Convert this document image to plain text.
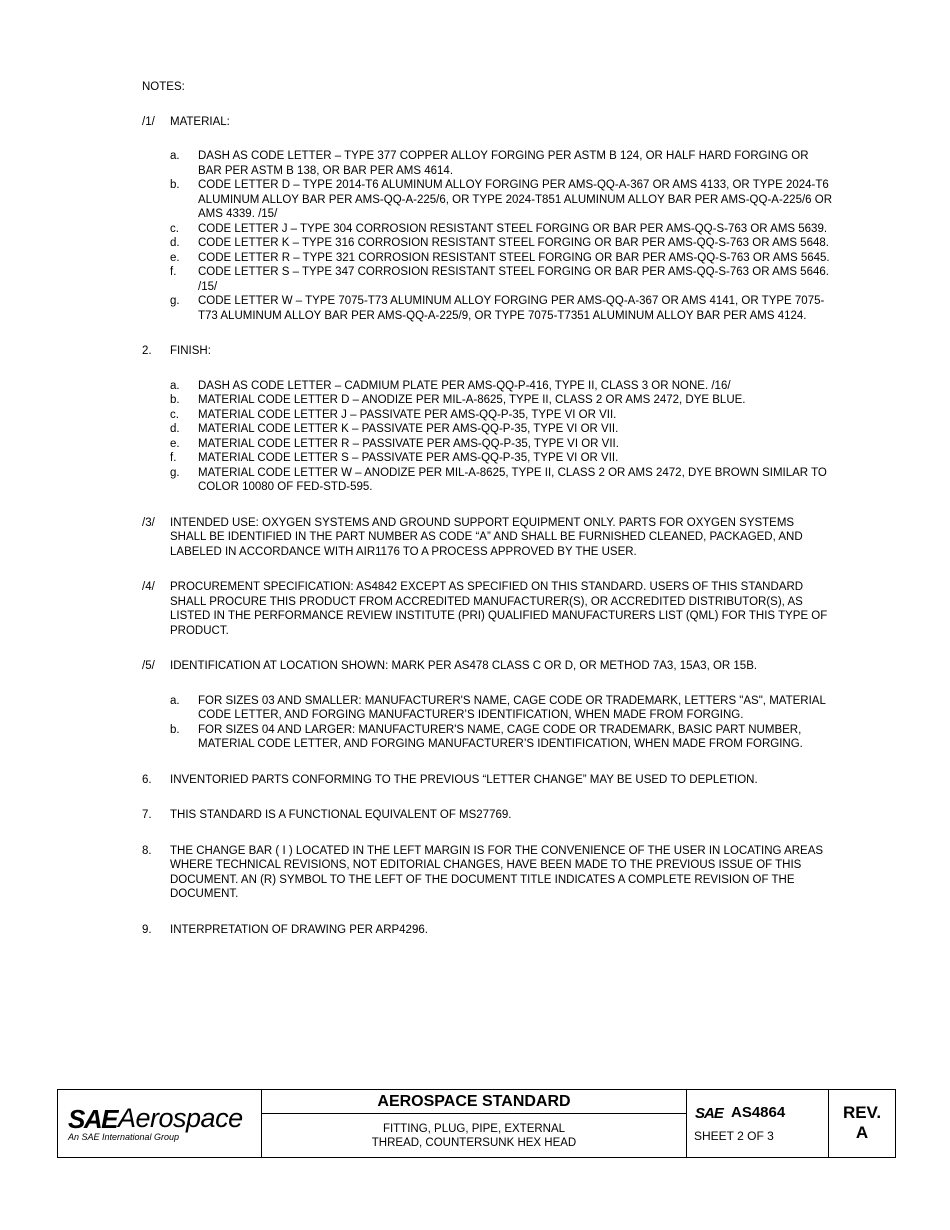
NOTES:
/1/	MATERIAL:
a.	DASH AS CODE LETTER – TYPE 377 COPPER ALLOY FORGING PER ASTM B 124, OR HALF HARD FORGING OR BAR PER ASTM B 138, OR BAR PER AMS 4614.
b.	CODE LETTER D – TYPE 2014-T6 ALUMINUM ALLOY FORGING PER AMS-QQ-A-367 OR AMS 4133, OR TYPE 2024-T6 ALUMINUM ALLOY BAR PER AMS-QQ-A-225/6, OR TYPE 2024-T851 ALUMINUM ALLOY BAR PER AMS-QQ-A-225/6 OR AMS 4339. /15/
c.	CODE LETTER J – TYPE 304 CORROSION RESISTANT STEEL FORGING OR BAR PER AMS-QQ-S-763 OR AMS 5639.
d.	CODE LETTER K – TYPE 316 CORROSION RESISTANT STEEL FORGING OR BAR PER AMS-QQ-S-763 OR AMS 5648.
e.	CODE LETTER R – TYPE 321 CORROSION RESISTANT STEEL FORGING OR BAR PER AMS-QQ-S-763 OR AMS 5645.
f.	CODE LETTER S – TYPE 347 CORROSION RESISTANT STEEL FORGING OR BAR PER AMS-QQ-S-763 OR AMS 5646. /15/
g.	CODE LETTER W – TYPE 7075-T73 ALUMINUM ALLOY FORGING PER AMS-QQ-A-367 OR AMS 4141, OR TYPE 7075-T73 ALUMINUM ALLOY BAR PER AMS-QQ-A-225/9, OR TYPE 7075-T7351 ALUMINUM ALLOY BAR PER AMS 4124.
2.	FINISH:
a.	DASH AS CODE LETTER – CADMIUM PLATE PER AMS-QQ-P-416, TYPE II, CLASS 3 OR NONE. /16/
b.	MATERIAL CODE LETTER D – ANODIZE PER MIL-A-8625, TYPE II, CLASS 2 OR AMS 2472, DYE BLUE.
c.	MATERIAL CODE LETTER J – PASSIVATE PER AMS-QQ-P-35, TYPE VI OR VII.
d.	MATERIAL CODE LETTER K – PASSIVATE PER AMS-QQ-P-35, TYPE VI OR VII.
e.	MATERIAL CODE LETTER R – PASSIVATE PER AMS-QQ-P-35, TYPE VI OR VII.
f.	MATERIAL CODE LETTER S – PASSIVATE PER AMS-QQ-P-35, TYPE VI OR VII.
g.	MATERIAL CODE LETTER W – ANODIZE PER MIL-A-8625, TYPE II, CLASS 2 OR AMS 2472, DYE BROWN SIMILAR TO COLOR 10080 OF FED-STD-595.
/3/	INTENDED USE: OXYGEN SYSTEMS AND GROUND SUPPORT EQUIPMENT ONLY. PARTS FOR OXYGEN SYSTEMS SHALL BE IDENTIFIED IN THE PART NUMBER AS CODE “A” AND SHALL BE FURNISHED CLEANED, PACKAGED, AND LABELED IN ACCORDANCE WITH AIR1176 TO A PROCESS APPROVED BY THE USER.
/4/	PROCUREMENT SPECIFICATION: AS4842 EXCEPT AS SPECIFIED ON THIS STANDARD. USERS OF THIS STANDARD SHALL PROCURE THIS PRODUCT FROM ACCREDITED MANUFACTURER(S), OR ACCREDITED DISTRIBUTOR(S), AS LISTED IN THE PERFORMANCE REVIEW INSTITUTE (PRI) QUALIFIED MANUFACTURERS LIST (QML) FOR THIS TYPE OF PRODUCT.
/5/	IDENTIFICATION AT LOCATION SHOWN: MARK PER AS478 CLASS C OR D, OR METHOD 7A3, 15A3, OR 15B.
a.	FOR SIZES 03 AND SMALLER: MANUFACTURER'S NAME, CAGE CODE OR TRADEMARK, LETTERS "AS", MATERIAL CODE LETTER, AND FORGING MANUFACTURER’S IDENTIFICATION, WHEN MADE FROM FORGING.
b.	FOR SIZES 04 AND LARGER: MANUFACTURER'S NAME, CAGE CODE OR TRADEMARK, BASIC PART NUMBER, MATERIAL CODE LETTER, AND FORGING MANUFACTURER’S IDENTIFICATION, WHEN MADE FROM FORGING.
6.	INVENTORIED PARTS CONFORMING TO THE PREVIOUS “LETTER CHANGE” MAY BE USED TO DEPLETION.
7.	THIS STANDARD IS A FUNCTIONAL EQUIVALENT OF MS27769.
8.	THE CHANGE BAR ( I ) LOCATED IN THE LEFT MARGIN IS FOR THE CONVENIENCE OF THE USER IN LOCATING AREAS WHERE TECHNICAL REVISIONS, NOT EDITORIAL CHANGES, HAVE BEEN MADE TO THE PREVIOUS ISSUE OF THIS DOCUMENT. AN (R) SYMBOL TO THE LEFT OF THE DOCUMENT TITLE INDICATES A COMPLETE REVISION OF THE DOCUMENT.
9.	INTERPRETATION OF DRAWING PER ARP4296.
SAE Aerospace
An SAE International Group
AEROSPACE STANDARD
FITTING, PLUG, PIPE, EXTERNAL
THREAD, COUNTERSUNK HEX HEAD
SAE AS4864
SHEET 2 OF 3
REV.
A
